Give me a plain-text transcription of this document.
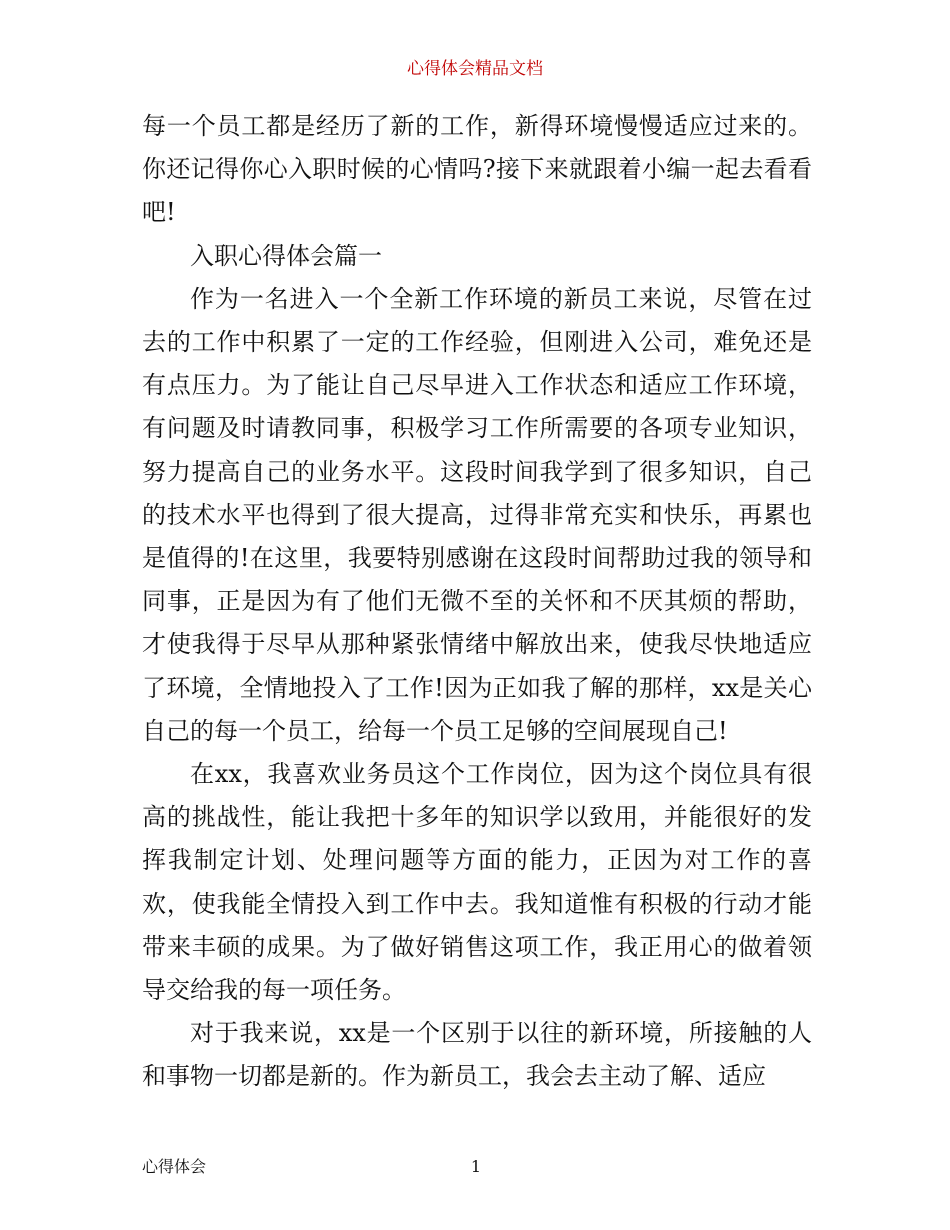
心得体会精品文档

每一个员工都是经历了新的工作，新得环境慢慢适应过来的。你还记得你心入职时候的心情吗?接下来就跟着小编一起去看看吧!

入职心得体会篇一

作为一名进入一个全新工作环境的新员工来说，尽管在过去的工作中积累了一定的工作经验，但刚进入公司，难免还是有点压力。为了能让自己尽早进入工作状态和适应工作环境，有问题及时请教同事，积极学习工作所需要的各项专业知识，努力提高自己的业务水平。这段时间我学到了很多知识，自己的技术水平也得到了很大提高，过得非常充实和快乐，再累也是值得的!在这里，我要特别感谢在这段时间帮助过我的领导和同事，正是因为有了他们无微不至的关怀和不厌其烦的帮助，才使我得于尽早从那种紧张情绪中解放出来，使我尽快地适应了环境，全情地投入了工作!因为正如我了解的那样，xx是关心自己的每一个员工，给每一个员工足够的空间展现自己!

在xx，我喜欢业务员这个工作岗位，因为这个岗位具有很高的挑战性，能让我把十多年的知识学以致用，并能很好的发挥我制定计划、处理问题等方面的能力，正因为对工作的喜欢，使我能全情投入到工作中去。我知道惟有积极的行动才能带来丰硕的成果。为了做好销售这项工作，我正用心的做着领导交给我的每一项任务。

对于我来说，xx是一个区别于以往的新环境，所接触的人和事物一切都是新的。作为新员工，我会去主动了解、适应

心得体会	1
